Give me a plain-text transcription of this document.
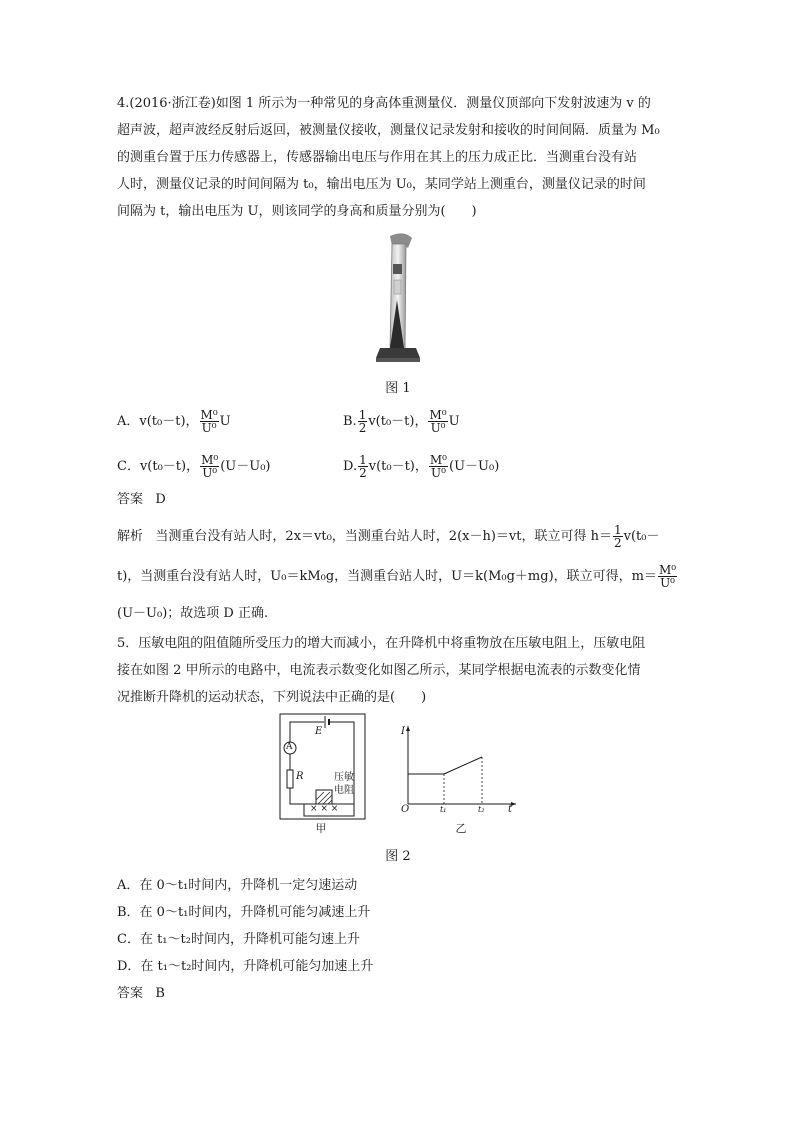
4.(2016·浙江卷)如图 1 所示为一种常见的身高体重测量仪．测量仪顶部向下发射波速为 v 的
超声波，超声波经反射后返回，被测量仪接收，测量仪记录发射和接收的时间间隔．质量为 M₀
的测重台置于压力传感器上，传感器输出电压与作用在其上的压力成正比．当测重台没有站
人时，测量仪记录的时间间隔为 t₀，输出电压为 U₀，某同学站上测重台，测量仪记录的时间
间隔为 t，输出电压为 U，则该同学的身高和质量分别为(　　)
图 1
A．v(t₀－t)， $\frac{\text{M⁰}}{\text{U⁰}}$ U	B. $\frac{1}{2} v(t_0-t)$， $\frac{\text{M⁰}}{\text{U⁰}}$ U
C．v(t₀－t)， $\frac{\text{M⁰}}{\text{U⁰}} (U-U_0)$	D. $\frac{1}{2} v(t_0-t)$， $\frac{\text{M⁰}}{\text{U⁰}} (U-U_0)$
答案 D
解析 当测重台没有站人时，2x＝vt₀，当测重台站人时，2(x－h)＝vt，联立可得 $h= \frac{1}{2} v(t_0-$
t)，当测重台没有站人时，U₀＝kM₀g，当测重台站人时，U＝k(M₀g＋mg)，联立可得，$m= \frac{\text{M⁰}}{\text{U⁰}}$
(U－U₀)；故选项 D 正确.
5．压敏电阻的阻值随所受压力的增大而减小，在升降机中将重物放在压敏电阻上，压敏电阻
接在如图 2 甲所示的电路中，电流表示数变化如图乙所示，某同学根据电流表的示数变化情
况推断升降机的运动状态，下列说法中正确的是(　　)
A
E
R	压敏
电阻
× × ×
甲
I
O	t₁	t₂ t
乙
图 2
A．在 0～t₁时间内，升降机一定匀速运动
B．在 0～t₁时间内，升降机可能匀减速上升
C．在 t₁～t₂时间内，升降机可能匀速上升
D．在 t₁～t₂时间内，升降机可能匀加速上升
答案 B
